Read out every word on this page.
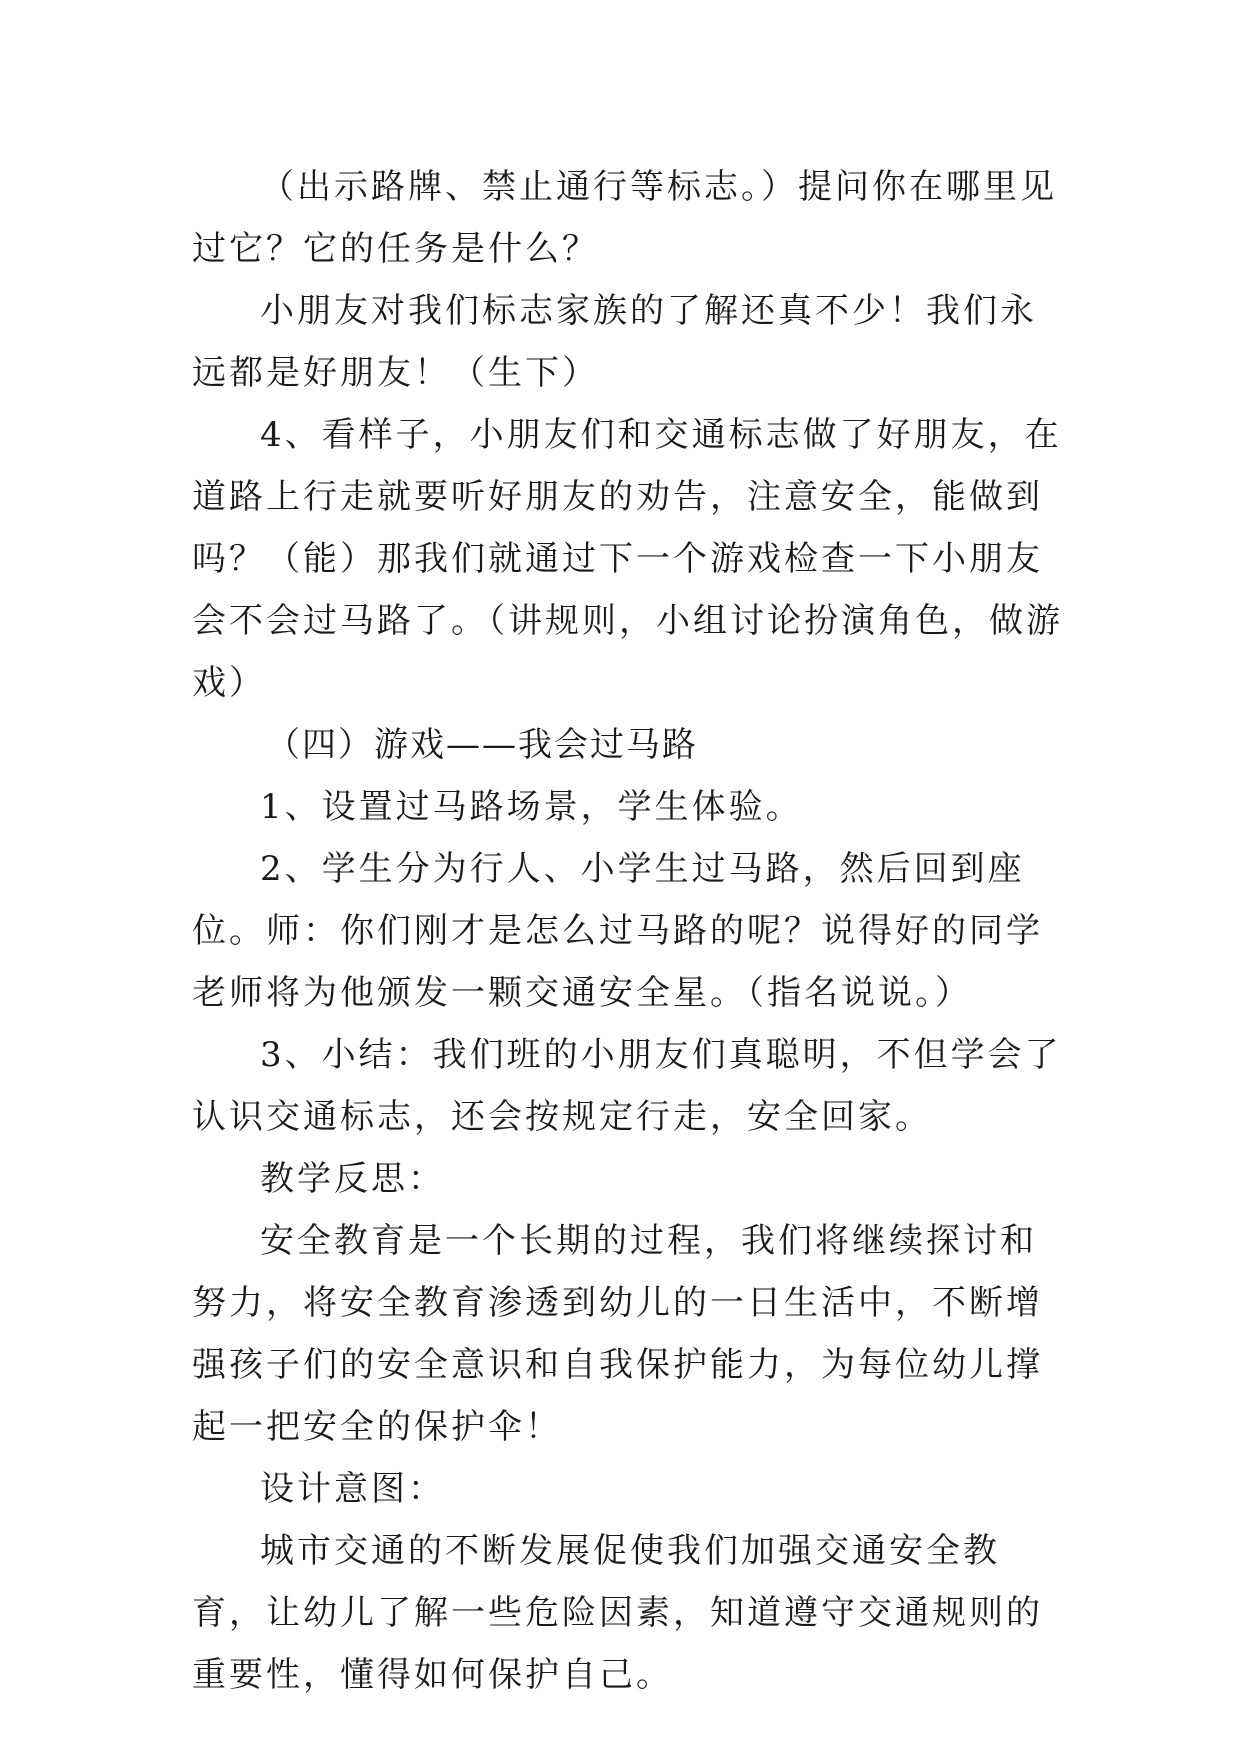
（出示路牌、禁止通行等标志。）提问你在哪里见过它？它的任务是什么？

小朋友对我们标志家族的了解还真不少！我们永远都是好朋友！（生下）

4、看样子，小朋友们和交通标志做了好朋友，在道路上行走就要听好朋友的劝告，注意安全，能做到吗？（能）那我们就通过下一个游戏检查一下小朋友会不会过马路了。（讲规则，小组讨论扮演角色，做游戏）

（四）游戏——我会过马路

1、设置过马路场景，学生体验。

2、学生分为行人、小学生过马路，然后回到座位。师：你们刚才是怎么过马路的呢？说得好的同学老师将为他颁发一颗交通安全星。（指名说说。）

3、小结：我们班的小朋友们真聪明，不但学会了认识交通标志，还会按规定行走，安全回家。

教学反思：

安全教育是一个长期的过程，我们将继续探讨和努力，将安全教育渗透到幼儿的一日生活中，不断增强孩子们的安全意识和自我保护能力，为每位幼儿撑起一把安全的保护伞！

设计意图：

城市交通的不断发展促使我们加强交通安全教育，让幼儿了解一些危险因素，知道遵守交通规则的重要性，懂得如何保护自己。
